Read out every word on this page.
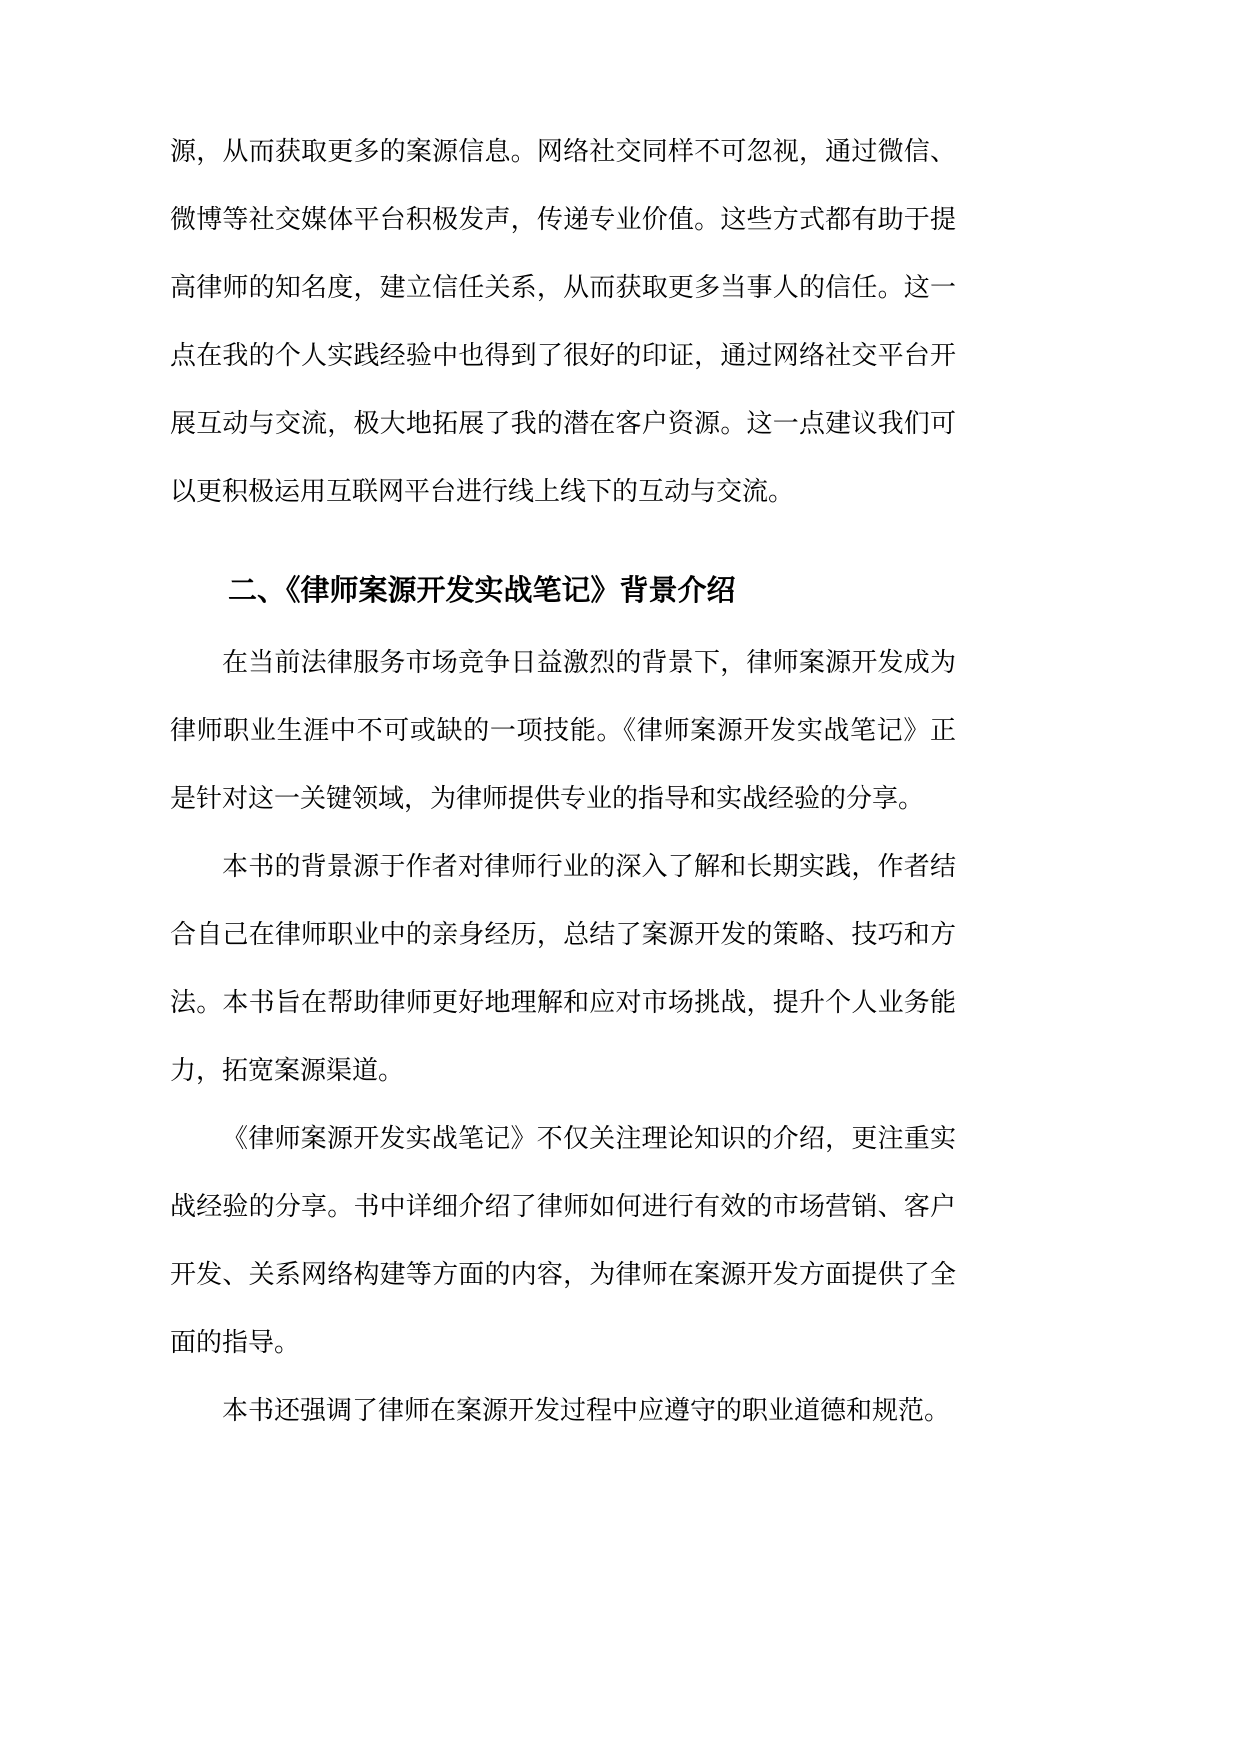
源，从而获取更多的案源信息。网络社交同样不可忽视，通过微信、
微博等社交媒体平台积极发声，传递专业价值。这些方式都有助于提
高律师的知名度，建立信任关系，从而获取更多当事人的信任。这一
点在我的个人实践经验中也得到了很好的印证，通过网络社交平台开
展互动与交流，极大地拓展了我的潜在客户资源。这一点建议我们可
以更积极运用互联网平台进行线上线下的互动与交流。
二、《律师案源开发实战笔记》背景介绍
在当前法律服务市场竞争日益激烈的背景下，律师案源开发成为
律师职业生涯中不可或缺的一项技能。《律师案源开发实战笔记》正
是针对这一关键领域，为律师提供专业的指导和实战经验的分享。
本书的背景源于作者对律师行业的深入了解和长期实践，作者结
合自己在律师职业中的亲身经历，总结了案源开发的策略、技巧和方
法。本书旨在帮助律师更好地理解和应对市场挑战，提升个人业务能
力，拓宽案源渠道。
《律师案源开发实战笔记》不仅关注理论知识的介绍，更注重实
战经验的分享。书中详细介绍了律师如何进行有效的市场营销、客户
开发、关系网络构建等方面的内容，为律师在案源开发方面提供了全
面的指导。
本书还强调了律师在案源开发过程中应遵守的职业道德和规范。
